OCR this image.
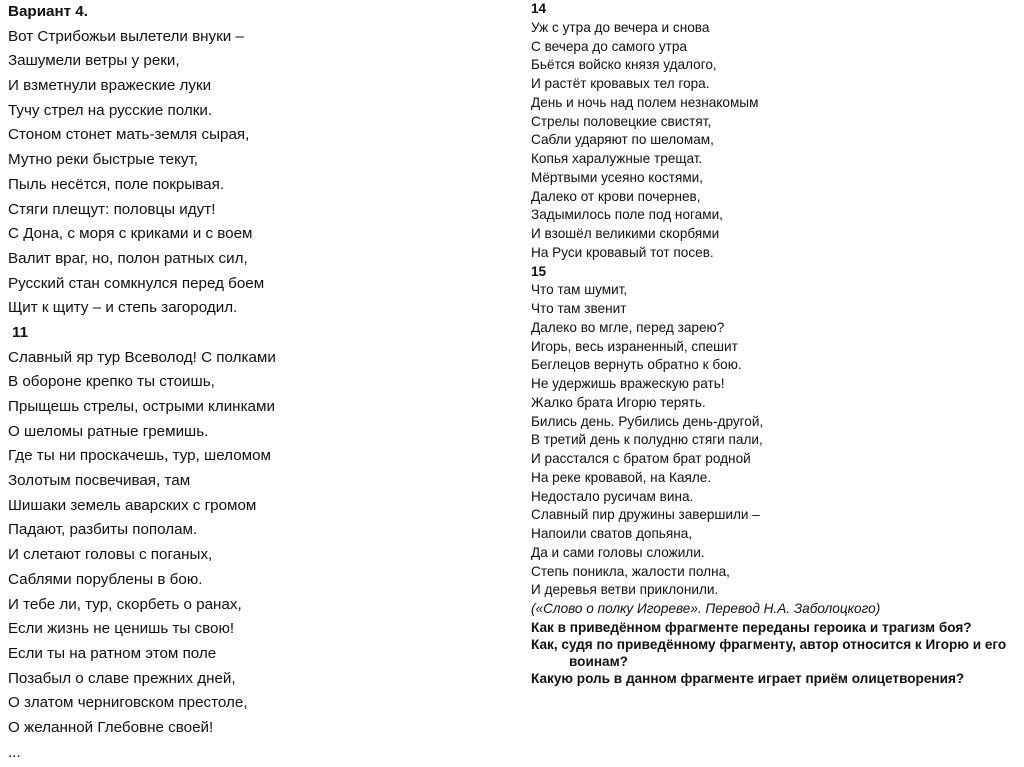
Вариант 4.
Вот Стрибожьи вылетели внуки –
Зашумели ветры у реки,
И взметнули вражеские луки
Тучу стрел на русские полки.
Стоном стонет мать-земля сырая,
Мутно реки быстрые текут,
Пыль несётся, поле покрывая.
Стяги плещут: половцы идут!
С Дона, с моря с криками и с воем
Валит враг, но, полон ратных сил,
Русский стан сомкнулся перед боем
Щит к щиту – и степь загородил.
11
Славный яр тур Всеволод! С полками
В обороне крепко ты стоишь,
Прыщешь стрелы, острыми клинками
О шеломы ратные гремишь.
Где ты ни проскачешь, тур, шеломом
Золотым посвечивая, там
Шишаки земель аварских с громом
Падают, разбиты пополам.
И слетают головы с поганых,
Саблями порублены в бою.
И тебе ли, тур, скорбеть о ранах,
Если жизнь не ценишь ты свою!
Если ты на ратном этом поле
Позабыл о славе прежних дней,
О златом черниговском престоле,
О желанной Глебовне своей!
...
14
Уж с утра до вечера и снова
С вечера до самого утра
Бьётся войско князя удалого,
И растёт кровавых тел гора.
День и ночь над полем незнакомым
Стрелы половецкие свистят,
Сабли ударяют по шеломам,
Копья харалужные трещат.
Мёртвыми усеяно костями,
Далеко от крови почернев,
Задымилось поле под ногами,
И взошёл великими скорбями
На Руси кровавый тот посев.
15
Что там шумит,
Что там звенит
Далеко во мгле, перед зарею?
Игорь, весь израненный, спешит
Беглецов вернуть обратно к бою.
Не удержишь вражескую рать!
Жалко брата Игорю терять.
Бились день. Рубились день-другой,
В третий день к полудню стяги пали,
И расстался с братом брат родной
На реке кровавой, на Каяле.
Недостало русичам вина.
Славный пир дружины завершили –
Напоили сватов допьяна,
Да и сами головы сложили.
Степь поникла, жалости полна,
И деревья ветви приклонили.
(«Слово о полку Игореве». Перевод Н.А. Заболоцкого)
Как в приведённом фрагменте переданы героика и трагизм боя?
Как, судя по приведённому фрагменту, автор относится к Игорю и его
воинам?
Какую роль в данном фрагменте играет приём олицетворения?
